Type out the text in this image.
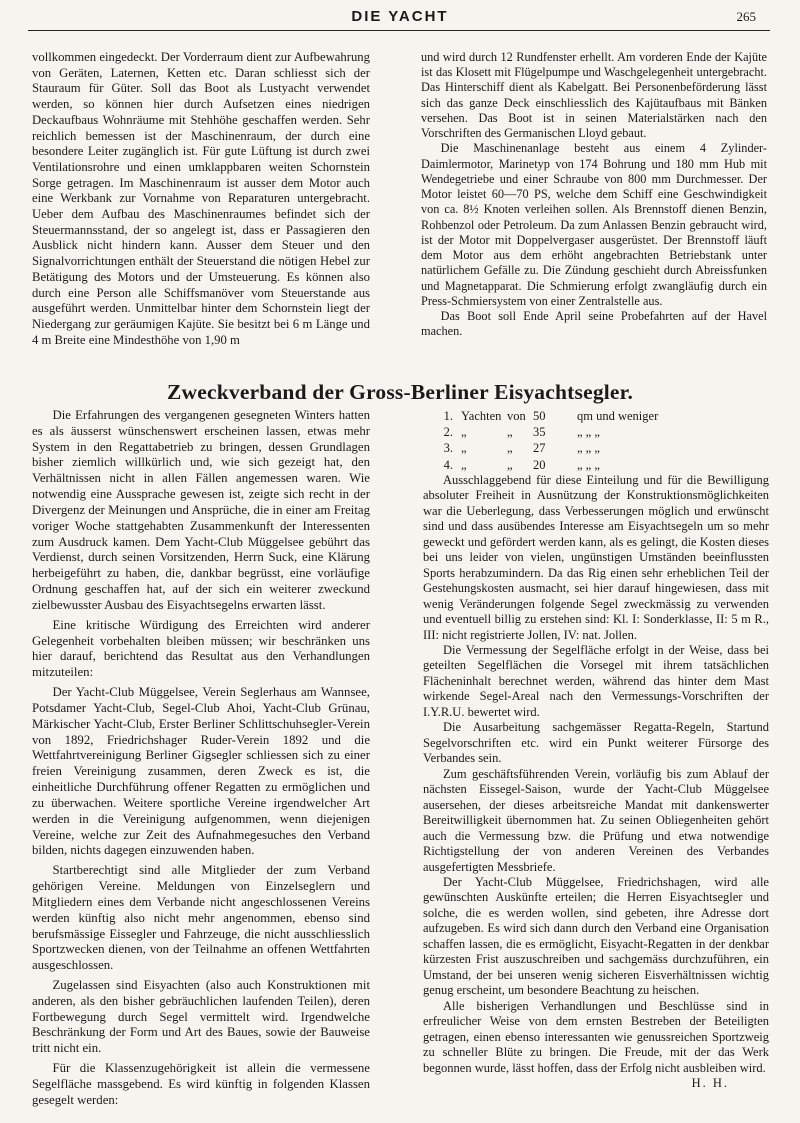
DIE YACHT	265

vollkommen eingedeckt. Der Vorderraum dient zur Aufbewahrung von Geräten, Laternen, Ketten etc. Daran schliesst sich der Stauraum für Güter. Soll das Boot als Lustyacht verwendet werden, so können hier durch Aufsetzen eines niedrigen Deckaufbaus Wohnräume mit Stehhöhe geschaffen werden. Sehr reichlich bemessen ist der Maschinenraum, der durch eine besondere Leiter zugänglich ist. Für gute Lüftung ist durch zwei Ventilationsrohre und einen umklappbaren weiten Schornstein Sorge getragen. Im Maschinenraum ist ausser dem Motor auch eine Werkbank zur Vornahme von Reparaturen untergebracht. Ueber dem Aufbau des Maschinenraumes befindet sich der Steuermannsstand, der so angelegt ist, dass er Passagieren den Ausblick nicht hindern kann. Ausser dem Steuer und den Signalvorrichtungen enthält der Steuerstand die nötigen Hebel zur Betätigung des Motors und der Umsteuerung. Es können also durch eine Person alle Schiffsmanöver vom Steuerstande aus ausgeführt werden. Unmittelbar hinter dem Schornstein liegt der Niedergang zur geräumigen Kajüte. Sie besitzt bei 6 m Länge und 4 m Breite eine Mindesthöhe von 1,90 m

und wird durch 12 Rundfenster erhellt. Am vorderen Ende der Kajüte ist das Klosett mit Flügelpumpe und Waschgelegenheit untergebracht. Das Hinterschiff dient als Kabelgatt. Bei Personenbeförderung lässt sich das ganze Deck einschliesslich des Kajütaufbaus mit Bänken versehen. Das Boot ist in seinen Materialstärken nach den Vorschriften des Germanischen Lloyd gebaut.

Die Maschinenanlage besteht aus einem 4 Zylinder-Daimlermotor, Marinetyp von 174 Bohrung und 180 mm Hub mit Wendegetriebe und einer Schraube von 800 mm Durchmesser. Der Motor leistet 60—70 PS, welche dem Schiff eine Geschwindigkeit von ca. 8½ Knoten verleihen sollen. Als Brennstoff dienen Benzin, Rohbenzol oder Petroleum. Da zum Anlassen Benzin gebraucht wird, ist der Motor mit Doppelvergaser ausgerüstet. Der Brennstoff läuft dem Motor aus dem erhöht angebrachten Betriebstank unter natürlichem Gefälle zu. Die Zündung geschieht durch Abreissfunken und Magnetapparat. Die Schmierung erfolgt zwangläufig durch ein Press-Schmiersystem von einer Zentralstelle aus.

Das Boot soll Ende April seine Probefahrten auf der Havel machen.

Zweckverband der Gross-Berliner Eisyachtsegler.

Die Erfahrungen des vergangenen gesegneten Winters hatten es als äusserst wünschenswert erscheinen lassen, etwas mehr System in den Regattabetrieb zu bringen, dessen Grundlagen bisher ziemlich willkürlich und, wie sich gezeigt hat, den Verhältnissen nicht in allen Fällen angemessen waren. Wie notwendig eine Aussprache gewesen ist, zeigte sich recht in der Divergenz der Meinungen und Ansprüche, die in einer am Freitag voriger Woche stattgehabten Zusammenkunft der Interessenten zum Ausdruck kamen. Dem Yacht-Club Müggelsee gebührt das Verdienst, durch seinen Vorsitzenden, Herrn Suck, eine Klärung herbeigeführt zu haben, die, dankbar begrüsst, eine vorläufige Ordnung geschaffen hat, auf der sich ein weiterer zweckund zielbewusster Ausbau des Eisyachtsegelns erwarten lässt.

Eine kritische Würdigung des Erreichten wird anderer Gelegenheit vorbehalten bleiben müssen; wir beschränken uns hier darauf, berichtend das Resultat aus den Verhandlungen mitzuteilen:

Der Yacht-Club Müggelsee, Verein Seglerhaus am Wannsee, Potsdamer Yacht-Club, Segel-Club Ahoi, Yacht-Club Grünau, Märkischer Yacht-Club, Erster Berliner Schlittschuhsegler-Verein von 1892, Friedrichshager Ruder-Verein 1892 und die Wettfahrtvereinigung Berliner Gigsegler schliessen sich zu einer freien Vereinigung zusammen, deren Zweck es ist, die einheitliche Durchführung offener Regatten zu ermöglichen und zu überwachen. Weitere sportliche Vereine irgendwelcher Art werden in die Vereinigung aufgenommen, wenn diejenigen Vereine, welche zur Zeit des Aufnahmegesuches den Verband bilden, nichts dagegen einzuwenden haben.

Startberechtigt sind alle Mitglieder der zum Verband gehörigen Vereine. Meldungen von Einzelseglern und Mitgliedern eines dem Verbande nicht angeschlossenen Vereins werden künftig also nicht mehr angenommen, ebenso sind berufsmässige Eissegler und Fahrzeuge, die nicht ausschliesslich Sportzwecken dienen, von der Teilnahme an offenen Wettfahrten ausgeschlossen.

Zugelassen sind Eisyachten (also auch Konstruktionen mit anderen, als den bisher gebräuchlichen laufenden Teilen), deren Fortbewegung durch Segel vermittelt wird. Irgendwelche Beschränkung der Form und Art des Baues, sowie der Bauweise tritt nicht ein.

Für die Klassenzugehörigkeit ist allein die vermessene Segelfläche massgebend. Es wird künftig in folgenden Klassen gesegelt werden:

1. Yachten von 50	qm und weniger
2. „	„	35	„ „ „
3. „	„	27	„ „ „
4. „	„	20	„ „ „

Ausschlaggebend für diese Einteilung und für die Bewilligung absoluter Freiheit in Ausnützung der Konstruktionsmöglichkeiten war die Ueberlegung, dass Verbesserungen möglich und erwünscht sind und dass ausübendes Interesse am Eisyachtsegeln um so mehr geweckt und gefördert werden kann, als es gelingt, die Kosten dieses bei uns leider von vielen, ungünstigen Umständen beeinflussten Sports herabzumindern. Da das Rig einen sehr erheblichen Teil der Gestehungskosten ausmacht, sei hier darauf hingewiesen, dass mit wenig Veränderungen folgende Segel zweckmässig zu verwenden und eventuell billig zu erstehen sind: Kl. I: Sonderklasse, II: 5 m R., III: nicht registrierte Jollen, IV: nat. Jollen.

Die Vermessung der Segelfläche erfolgt in der Weise, dass bei geteilten Segelflächen die Vorsegel mit ihrem tatsächlichen Flächeninhalt berechnet werden, während das hinter dem Mast wirkende Segel-Areal nach den Vermessungs-Vorschriften der I.Y.R.U. bewertet wird.

Die Ausarbeitung sachgemässer Regatta-Regeln, Startund Segelvorschriften etc. wird ein Punkt weiterer Fürsorge des Verbandes sein.

Zum geschäftsführenden Verein, vorläufig bis zum Ablauf der nächsten Eissegel-Saison, wurde der Yacht-Club Müggelsee ausersehen, der dieses arbeitsreiche Mandat mit dankenswerter Bereitwilligkeit übernommen hat. Zu seinen Obliegenheiten gehört auch die Vermessung bzw. die Prüfung und etwa notwendige Richtigstellung der von anderen Vereinen des Verbandes ausgefertigten Messbriefe.

Der Yacht-Club Müggelsee, Friedrichshagen, wird alle gewünschten Auskünfte erteilen; die Herren Eisyachtsegler und solche, die es werden wollen, sind gebeten, ihre Adresse dort aufzugeben. Es wird sich dann durch den Verband eine Organisation schaffen lassen, die es ermöglicht, Eisyacht-Regatten in der denkbar kürzesten Frist auszuschreiben und sachgemäss durchzuführen, ein Umstand, der bei unseren wenig sicheren Eisverhältnissen wichtig genug erscheint, um besondere Beachtung zu heischen.

Alle bisherigen Verhandlungen und Beschlüsse sind in erfreulicher Weise von dem ernsten Bestreben der Beteiligten getragen, einen ebenso interessanten wie genussreichen Sportzweig zu schneller Blüte zu bringen. Die Freude, mit der das Werk begonnen wurde, lässt hoffen, dass der Erfolg nicht ausbleiben wird.

H. H.
